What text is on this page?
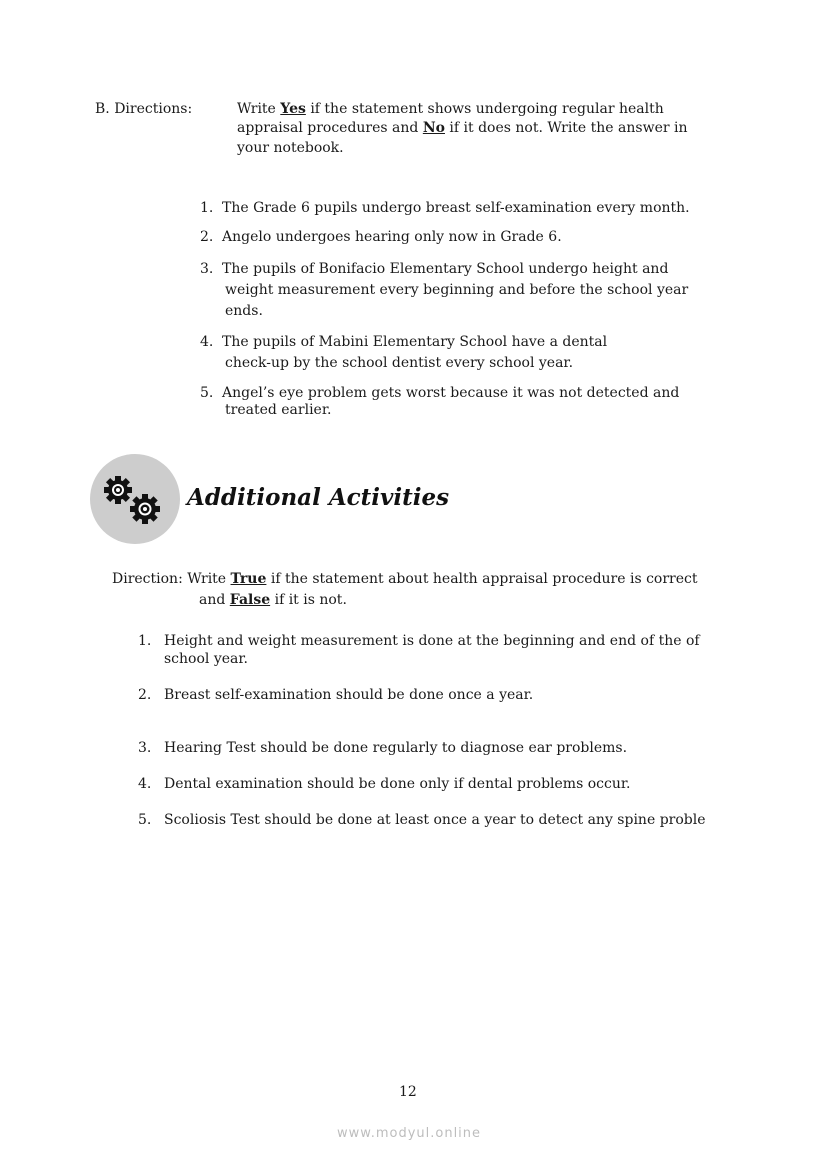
B. Directions:	Write Yes if the statement shows undergoing regular health
appraisal procedures and No if it does not. Write the answer in
your notebook.
1. The Grade 6 pupils undergo breast self-examination every month.
2. Angelo undergoes hearing only now in Grade 6.
3. The pupils of Bonifacio Elementary School undergo height and
weight measurement every beginning and before the school year
ends.
4. The pupils of Mabini Elementary School have a dental
check-up by the school dentist every school year.
5. Angel’s eye problem gets worst because it was not detected and
treated earlier.
Additional Activities
Direction: Write True if the statement about health appraisal procedure is correct
and False if it is not.
1. Height and weight measurement is done at the beginning and end of the of
school year.
2. Breast self-examination should be done once a year.
3. Hearing Test should be done regularly to diagnose ear problems.
4. Dental examination should be done only if dental problems occur.
5. Scoliosis Test should be done at least once a year to detect any spine proble
12
www.modyul.online
